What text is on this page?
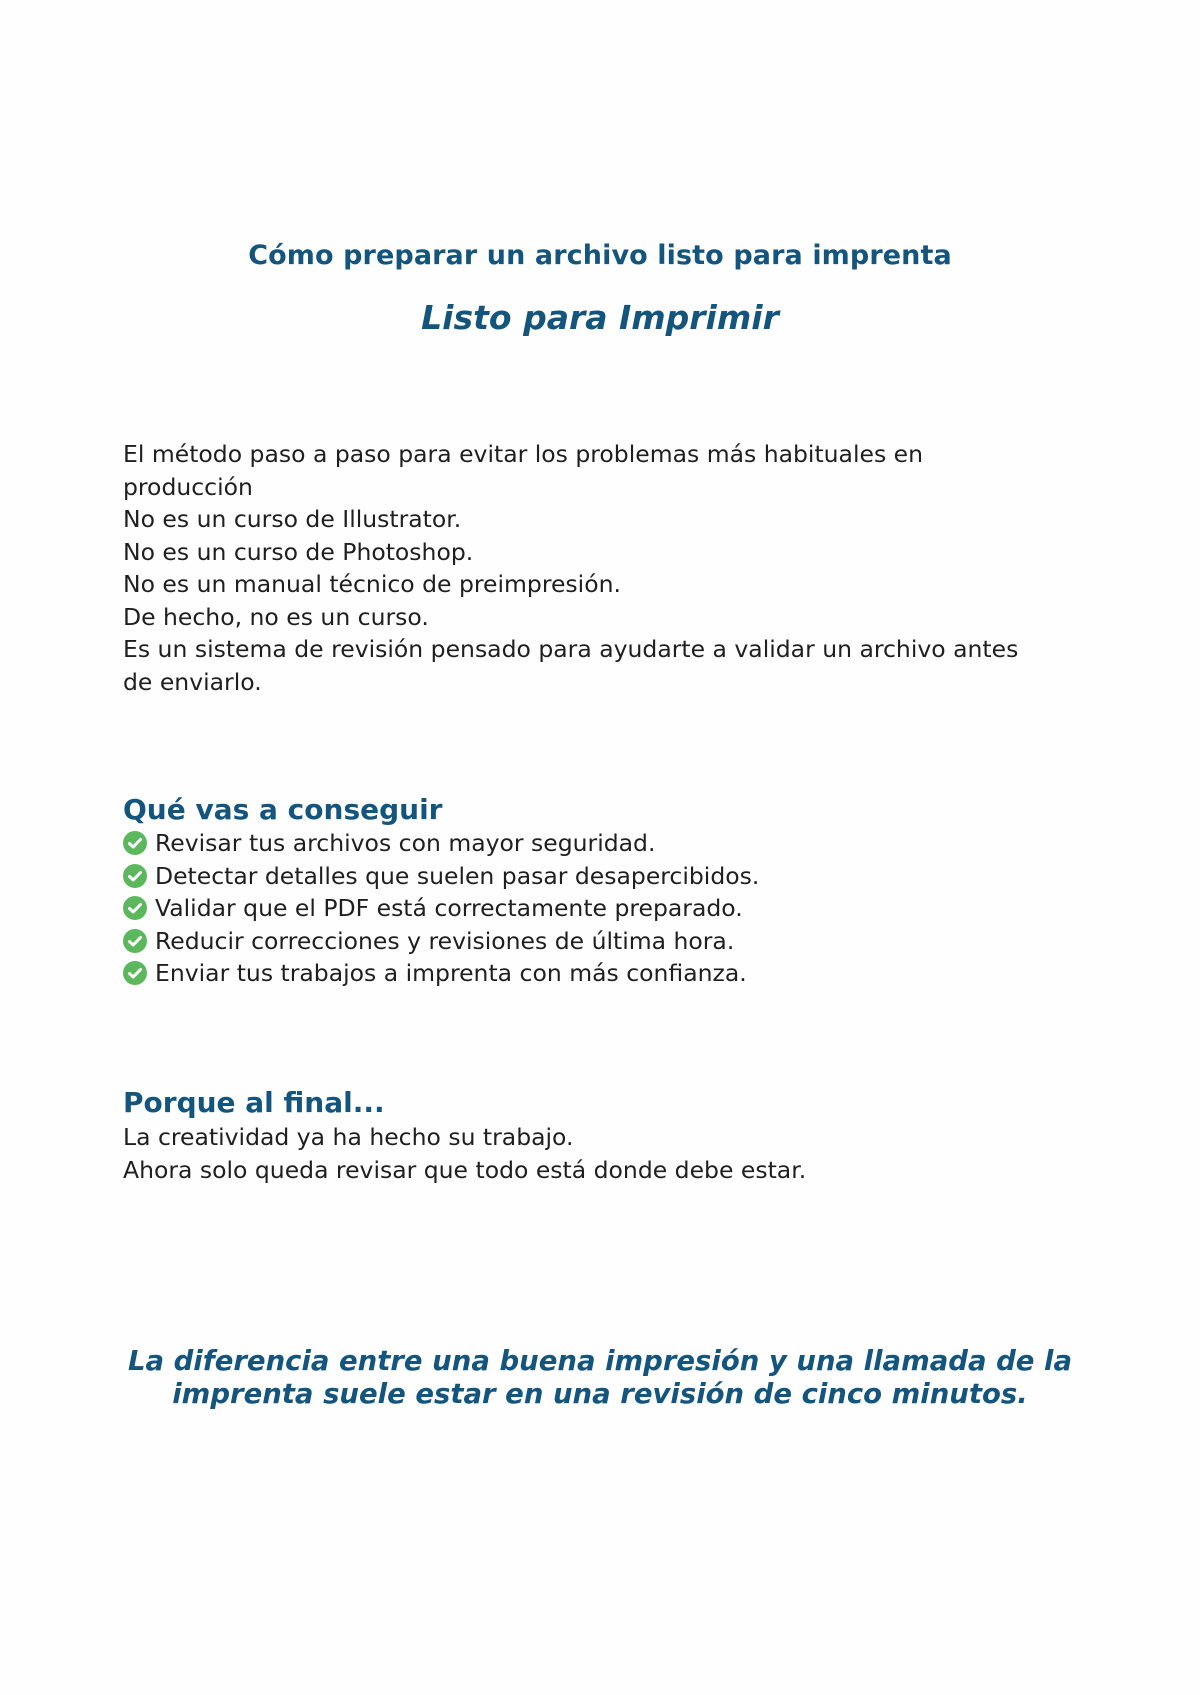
Cómo preparar un archivo listo para imprenta
Listo para Imprimir

El método paso a paso para evitar los problemas más habituales en

producción

No es un curso de Illustrator.

No es un curso de Photoshop.

No es un manual técnico de preimpresión.

De hecho, no es un curso.

Es un sistema de revisión pensado para ayudarte a validar un archivo antes

de enviarlo.

Qué vas a conseguir
Revisar tus archivos con mayor seguridad.
Detectar detalles que suelen pasar desapercibidos.
Validar que el PDF está correctamente preparado.
Reducir correcciones y revisiones de última hora.
Enviar tus trabajos a imprenta con más confianza.
Porque al final...

La creatividad ya ha hecho su trabajo.

Ahora solo queda revisar que todo está donde debe estar.

La diferencia entre una buena impresión y una llamada de la

imprenta suele estar en una revisión de cinco minutos.
